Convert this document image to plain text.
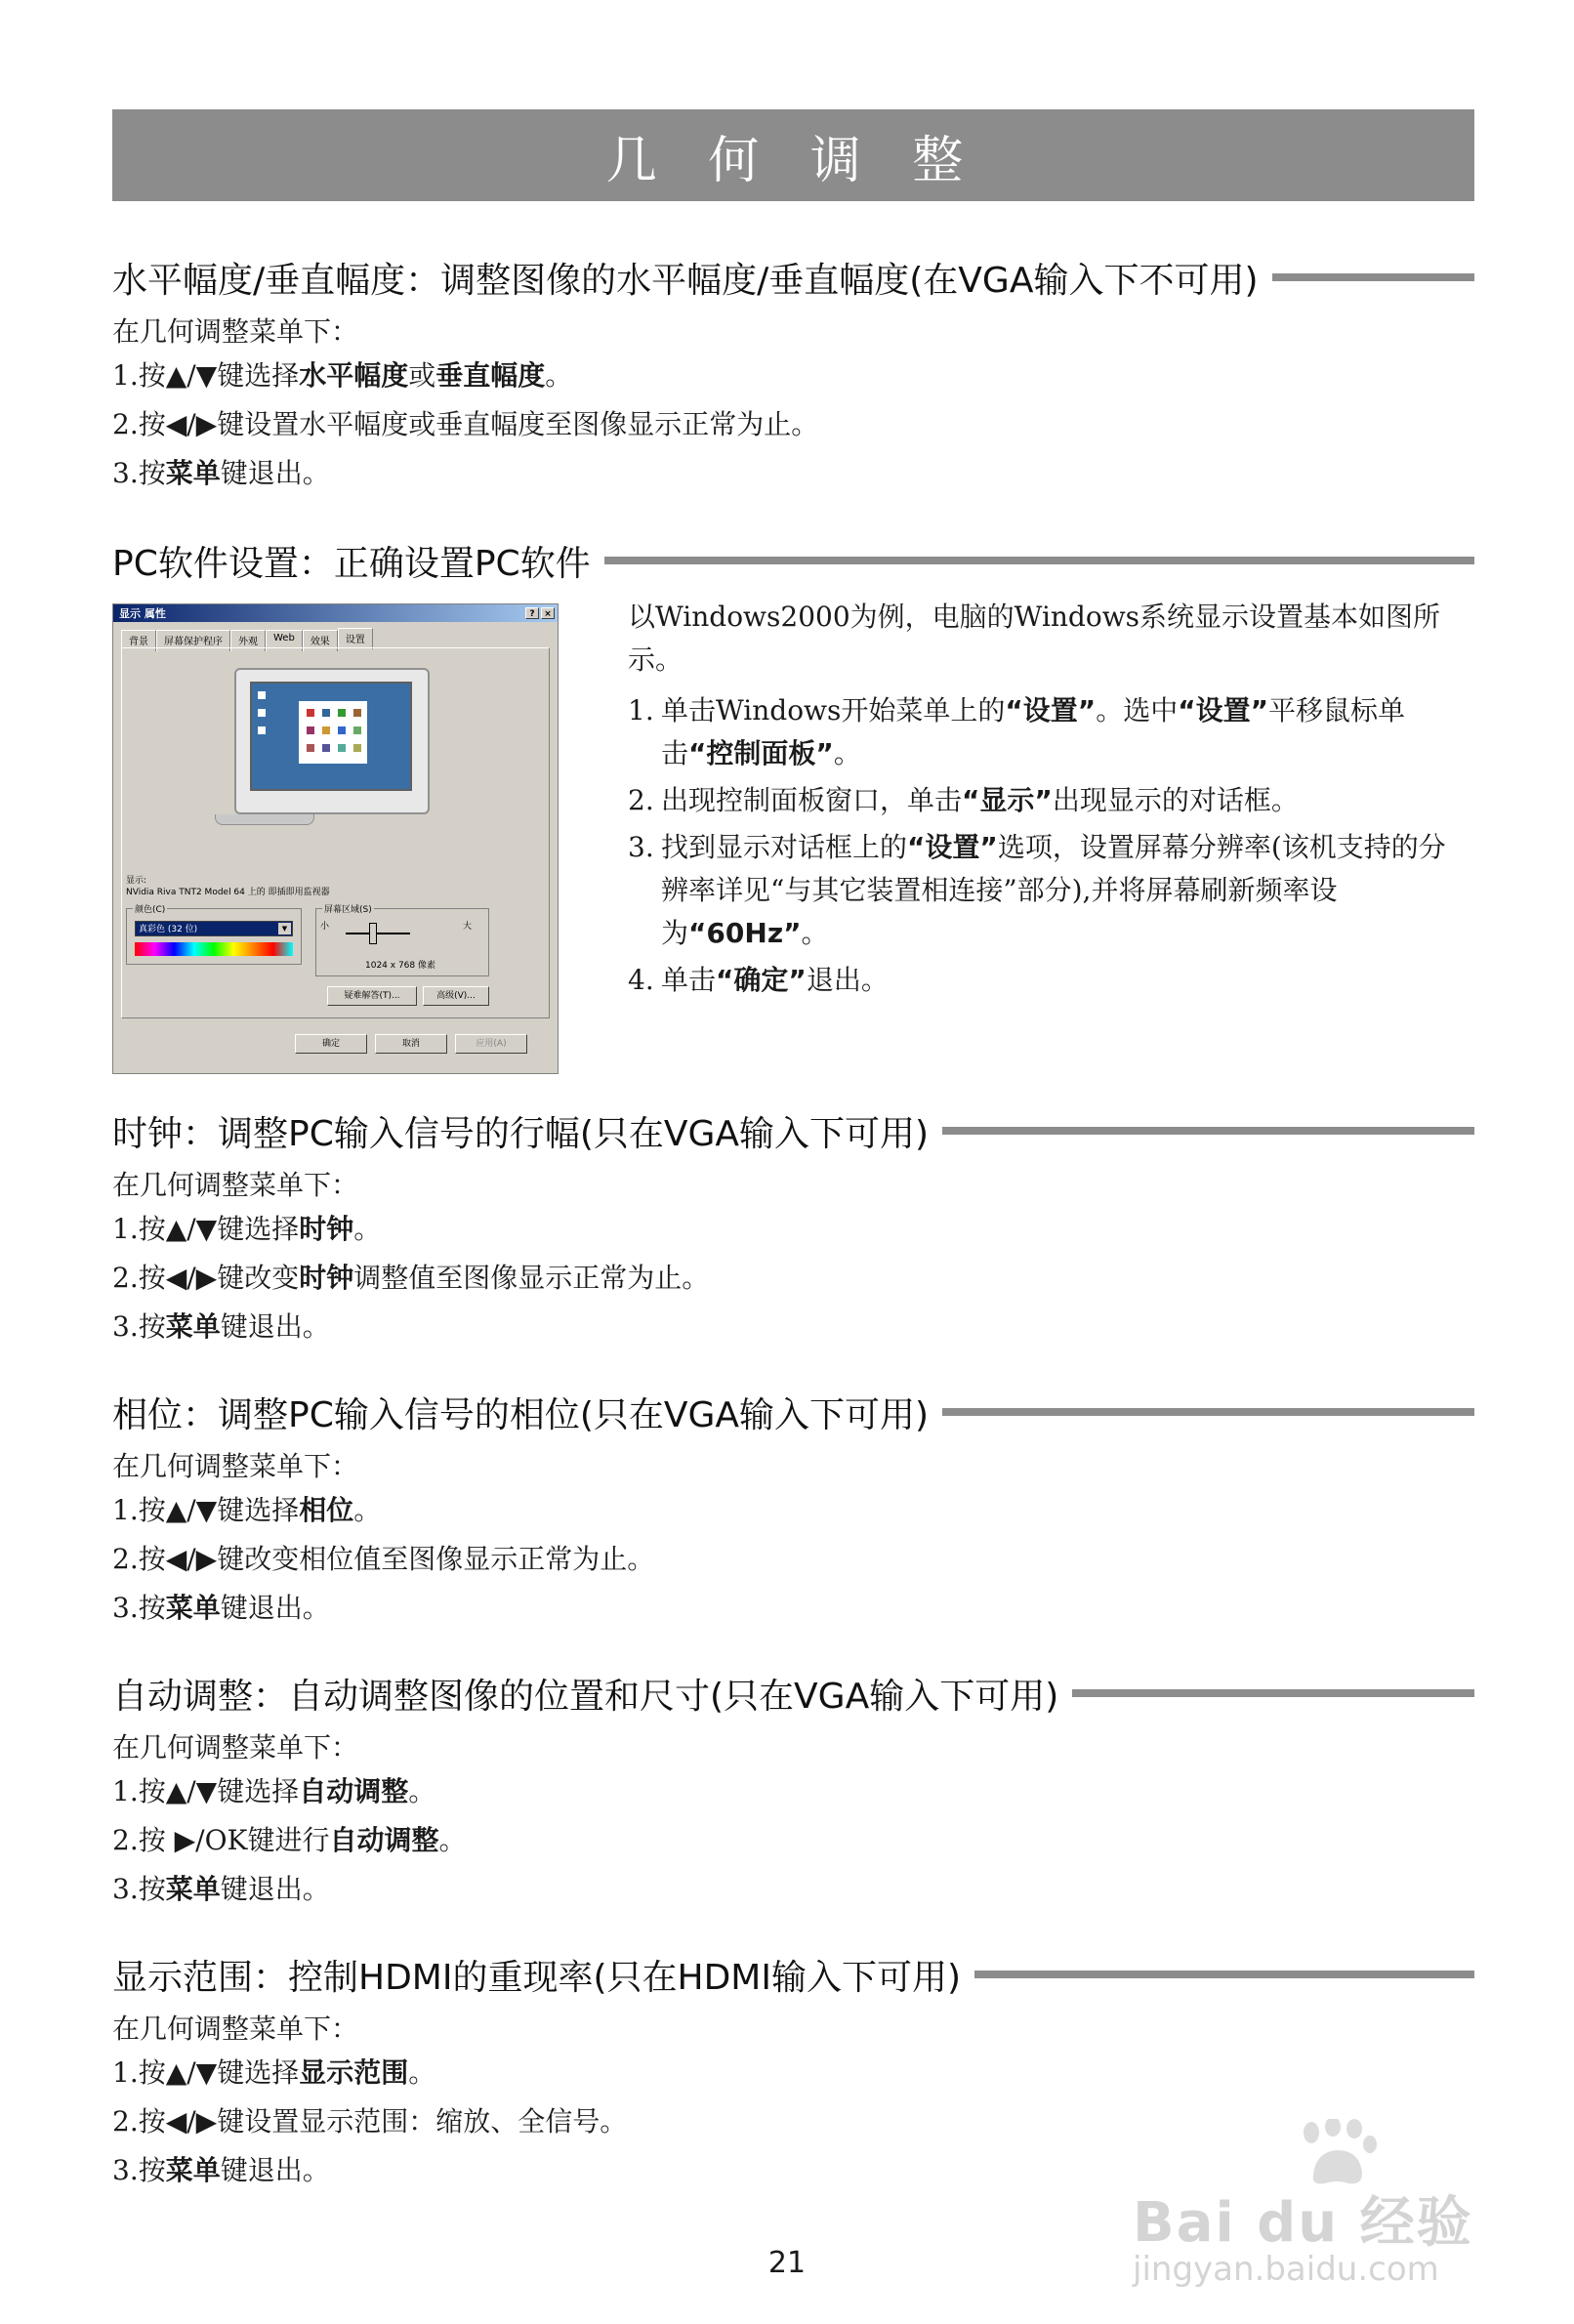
几 何 调 整
水平幅度/垂直幅度：调整图像的水平幅度/垂直幅度(在VGA输入下不可用)
在几何调整菜单下：
1.按▲/▼键选择水平幅度或垂直幅度。
2.按◀/▶键设置水平幅度或垂直幅度至图像显示正常为止。
3.按菜单键退出。
PC软件设置：正确设置PC软件
显示 属性	?	×
背景	屏幕保护程序	外观	Web	效果	设置
显示:
NVidia Riva TNT2 Model 64 上的 即插即用监视器
颜色(C)
真彩色 (32 位)	▼
屏幕区域(S)
小	大
1024 x 768 像素
疑难解答(T)...	高级(V)...
确定	取消	应用(A)
以Windows2000为例，电脑的Windows系统显示设置基本如图所示。
1. 单击Windows开始菜单上的“设置”。选中“设置”平移鼠标单击“控制面板”。
2. 出现控制面板窗口，单击“显示”出现显示的对话框。
3. 找到显示对话框上的“设置”选项，设置屏幕分辨率(该机支持的分辨率详见“与其它装置相连接”部分),并将屏幕刷新频率设为“60Hz”。
4. 单击“确定”退出。
时钟：调整PC输入信号的行幅(只在VGA输入下可用)
在几何调整菜单下：
1.按▲/▼键选择时钟。
2.按◀/▶键改变时钟调整值至图像显示正常为止。
3.按菜单键退出。
相位：调整PC输入信号的相位(只在VGA输入下可用)
在几何调整菜单下：
1.按▲/▼键选择相位。
2.按◀/▶键改变相位值至图像显示正常为止。
3.按菜单键退出。
自动调整：自动调整图像的位置和尺寸(只在VGA输入下可用)
在几何调整菜单下：
1.按▲/▼键选择自动调整。
2.按 ▶/OK键进行自动调整。
3.按菜单键退出。
显示范围：控制HDMI的重现率(只在HDMI输入下可用)
在几何调整菜单下：
1.按▲/▼键选择显示范围。
2.按◀/▶键设置显示范围：缩放、全信号。
3.按菜单键退出。
21
Bai du 经验
jingyan.baidu.com
